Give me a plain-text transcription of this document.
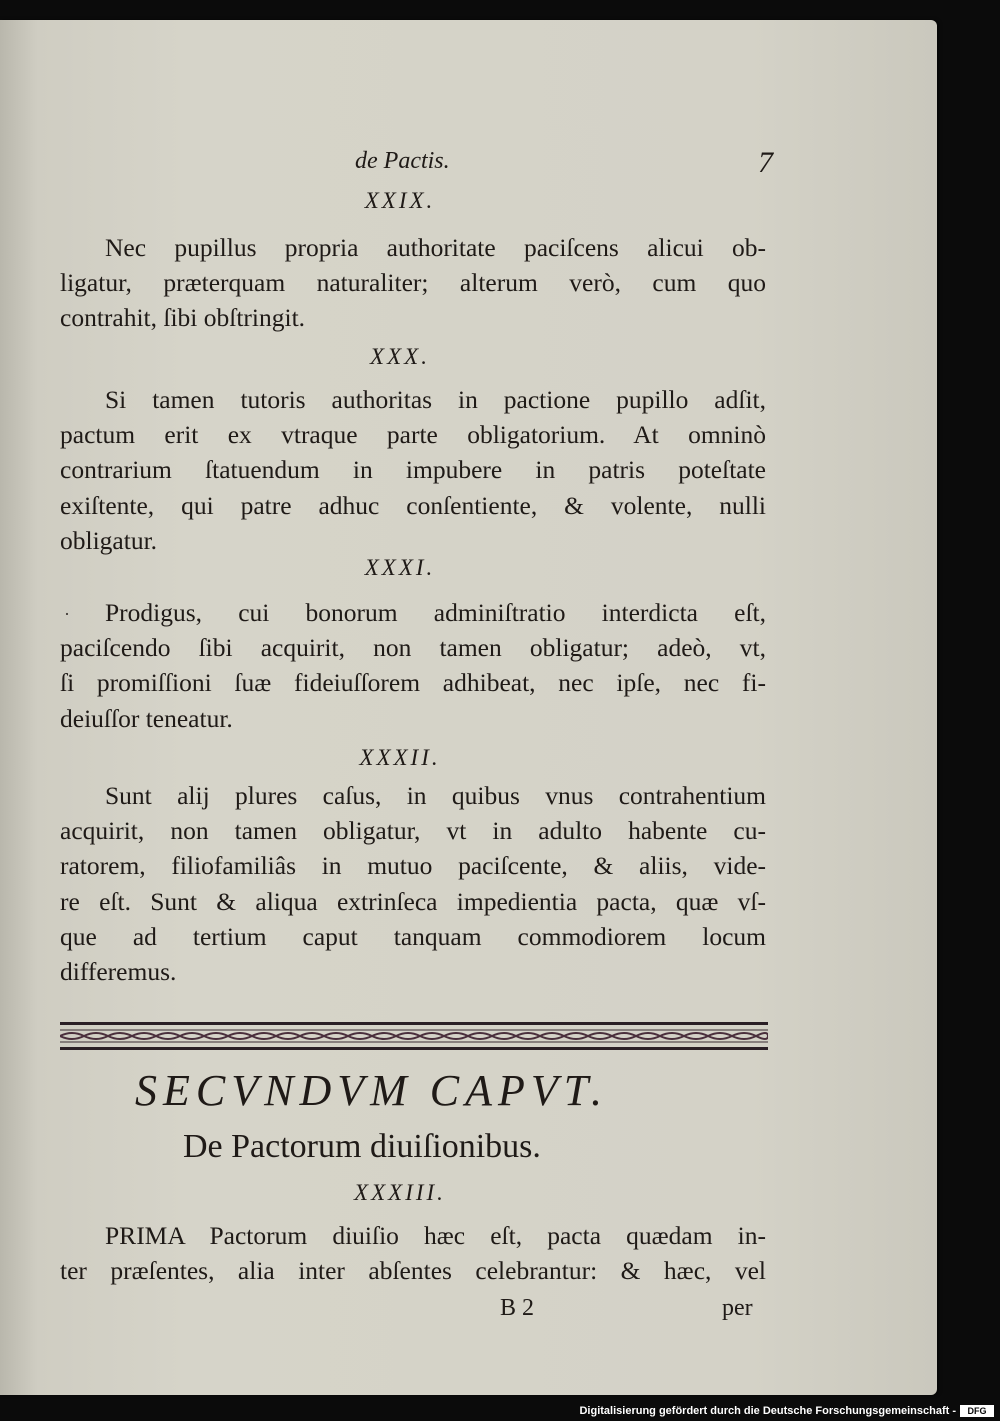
de Pactis.	7
XXIX.
Nec pupillus propria authoritate paciſcens alicui ob-
ligatur, præterquam naturaliter; alterum verò, cum quo
contrahit, ſibi obſtringit.
XXX.
Si tamen tutoris authoritas in pactione pupillo adſit,
pactum erit ex vtraque parte obligatorium. At omninò
contrarium ſtatuendum in impubere in patris poteſtate
exiſtente, qui patre adhuc conſentiente, & volente, nulli
obligatur.
XXXI.
Prodigus, cui bonorum adminiſtratio interdicta eſt,
paciſcendo ſibi acquirit, non tamen obligatur; adeò, vt,
ſi promiſſioni ſuæ fideiuſſorem adhibeat, nec ipſe, nec fi-
deiuſſor teneatur.
XXXII.
Sunt alij plures caſus, in quibus vnus contrahentium
acquirit, non tamen obligatur, vt in adulto habente cu-
ratorem, filiofamiliâs in mutuo paciſcente, & aliis, vide-
re eſt. Sunt & aliqua extrinſeca impedientia pacta, quæ vſ-
que ad tertium caput tanquam commodiorem locum
differemus.
SECVNDVM CAPVT.
De Pactorum diuiſionibus.
XXXIII.
PRIMA Pactorum diuiſio hæc eſt, pacta quædam in-
ter præſentes, alia inter abſentes celebrantur: & hæc, vel
B 2	per
·
Digitalisierung gefördert durch die Deutsche Forschungsgemeinschaft -	DFG
